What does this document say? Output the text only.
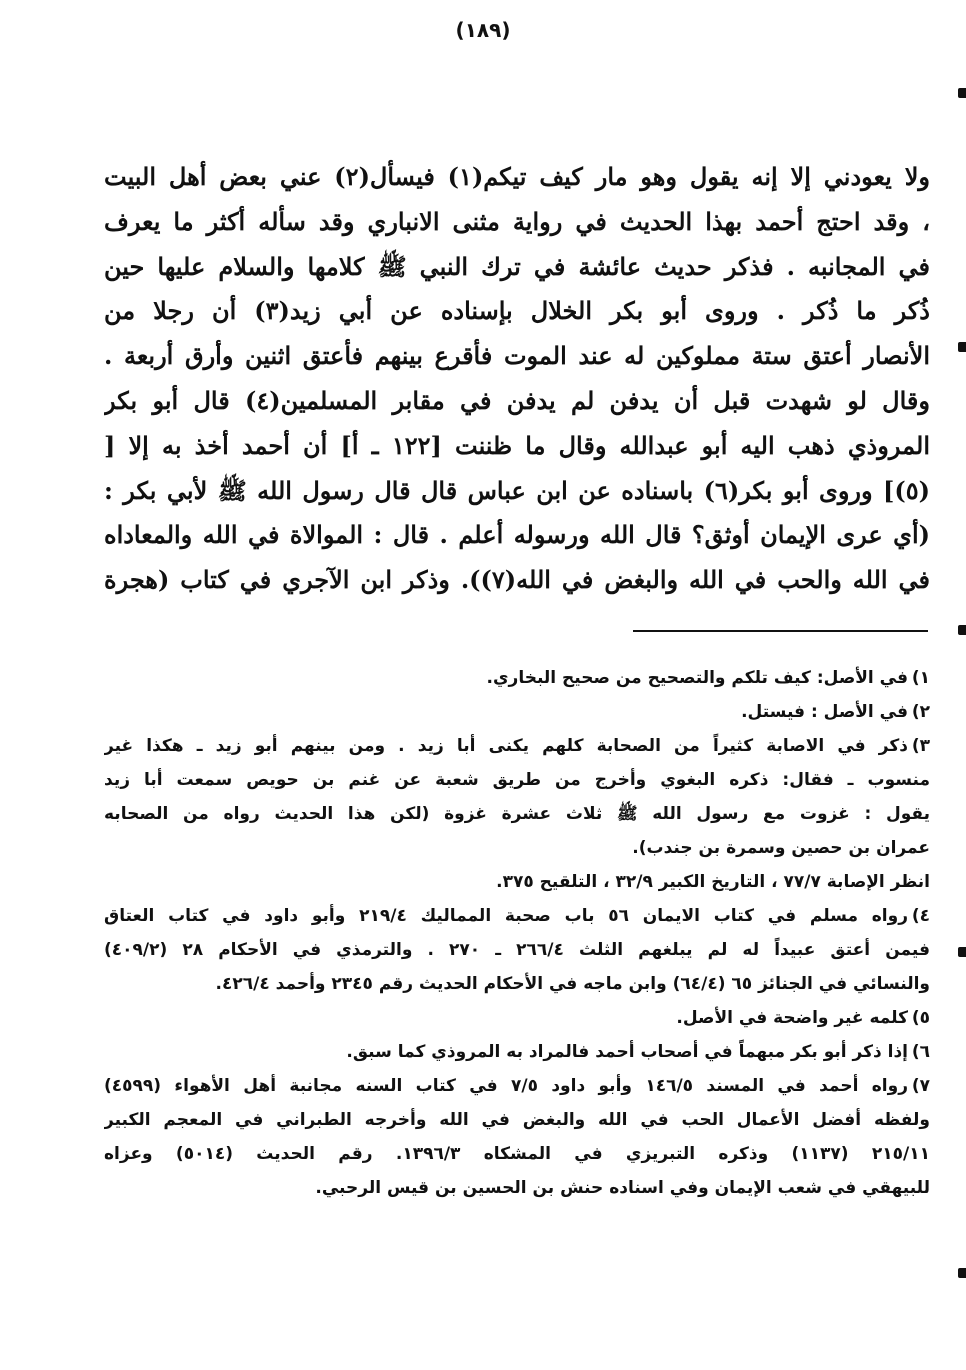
(١٨٩)
ولا يعودني إلا إنه يقول وهو مار كيف تيكم(١) فيسأل(٢) عني بعض أهل البيت
، وقد احتج أحمد بهذا الحديث في رواية مثنى الانباري وقد سأله أكثر ما يعرف
في المجانبه . فذكر حديث عائشة في ترك النبي ﷺ كلامها والسلام عليها حين
ذُكر ما ذُكر . وروى أبو بكر الخلال بإسناده عن أبي زيد(٣) أن رجلا من
الأنصار أعتق ستة مملوكين له عند الموت فأقرع بينهم فأعتق اثنين وأرق أربعة .
وقال لو شهدت قبل أن يدفن لم يدفن في مقابر المسلمين(٤) قال أبو بكر
المروذي ذهب اليه أبو عبدالله وقال ما ظننت [١٢٢ ـ أ] أن أحمد أخذ به إلا [
(٥)] وروى أبو بكر(٦) باسناده عن ابن عباس قال قال رسول الله ﷺ لأبي بكر :
(أي عرى الإيمان أوثق؟ قال الله ورسوله أعلم . قال : الموالاة في الله والمعاداه
في الله والحب في الله والبغض في الله(٧)). وذكر ابن الآجري في كتاب (هجرة
١)في الأصل: كيف تلكم والتصحيح من صحيح البخاري.
٢)في الأصل : فيستل.
٣)ذكر في الاصابة كثيراً من الصحابة كلهم يكنى أبا زيد . ومن بينهم أبو زيد ـ هكذا غير
منسوب ـ فقال: ذكره البغوي وأخرج من طريق شعبة عن غنم بن حويص سمعت أبا زيد
يقول : غزوت مع رسول الله ﷺ ثلاث عشرة غزوة (لكن هذا الحديث رواه من الصحابه
عمران بن حصين وسمرة بن جندب).
انظر الإصابة ٧٧/٧ ، التاريخ الكبير ٣٢/٩ ، التلقيح ٣٧٥.
٤)رواه مسلم في كتاب الايمان ٥٦ باب صحبة المماليك ٢١٩/٤ وأبو داود في كتاب العتاق
فيمن أعتق عبيداً له لم يبلغهم الثلث ٢٦٦/٤ ـ ٢٧٠ . والترمذي في الأحكام ٢٨ (٤٠٩/٢)
والنسائي في الجنائز ٦٥ (٦٤/٤) وابن ماجه في الأحكام الحديث رقم ٢٣٤٥ وأحمد ٤٢٦/٤.
٥)كلمه غير واضحة في الأصل.
٦)إذا ذكر أبو بكر مبهماً في أصحاب أحمد فالمراد به المروذي كما سبق.
٧)رواه أحمد في المسند ١٤٦/٥ وأبو داود ٧/٥ في كتاب السنه مجانبة أهل الأهواء (٤٥٩٩)
ولفظه أفضل الأعمال الحب في الله والبغض في الله وأخرجه الطبراني في المعجم الكبير
٢١٥/١١ (١١٣٧) وذكره التبريزي في المشكاه ١٣٩٦/٣. رقم الحديث (٥٠١٤) وعزاه
للبيهقي في شعب الإيمان وفي اسناده حنش بن الحسين بن قيس الرحبي.
